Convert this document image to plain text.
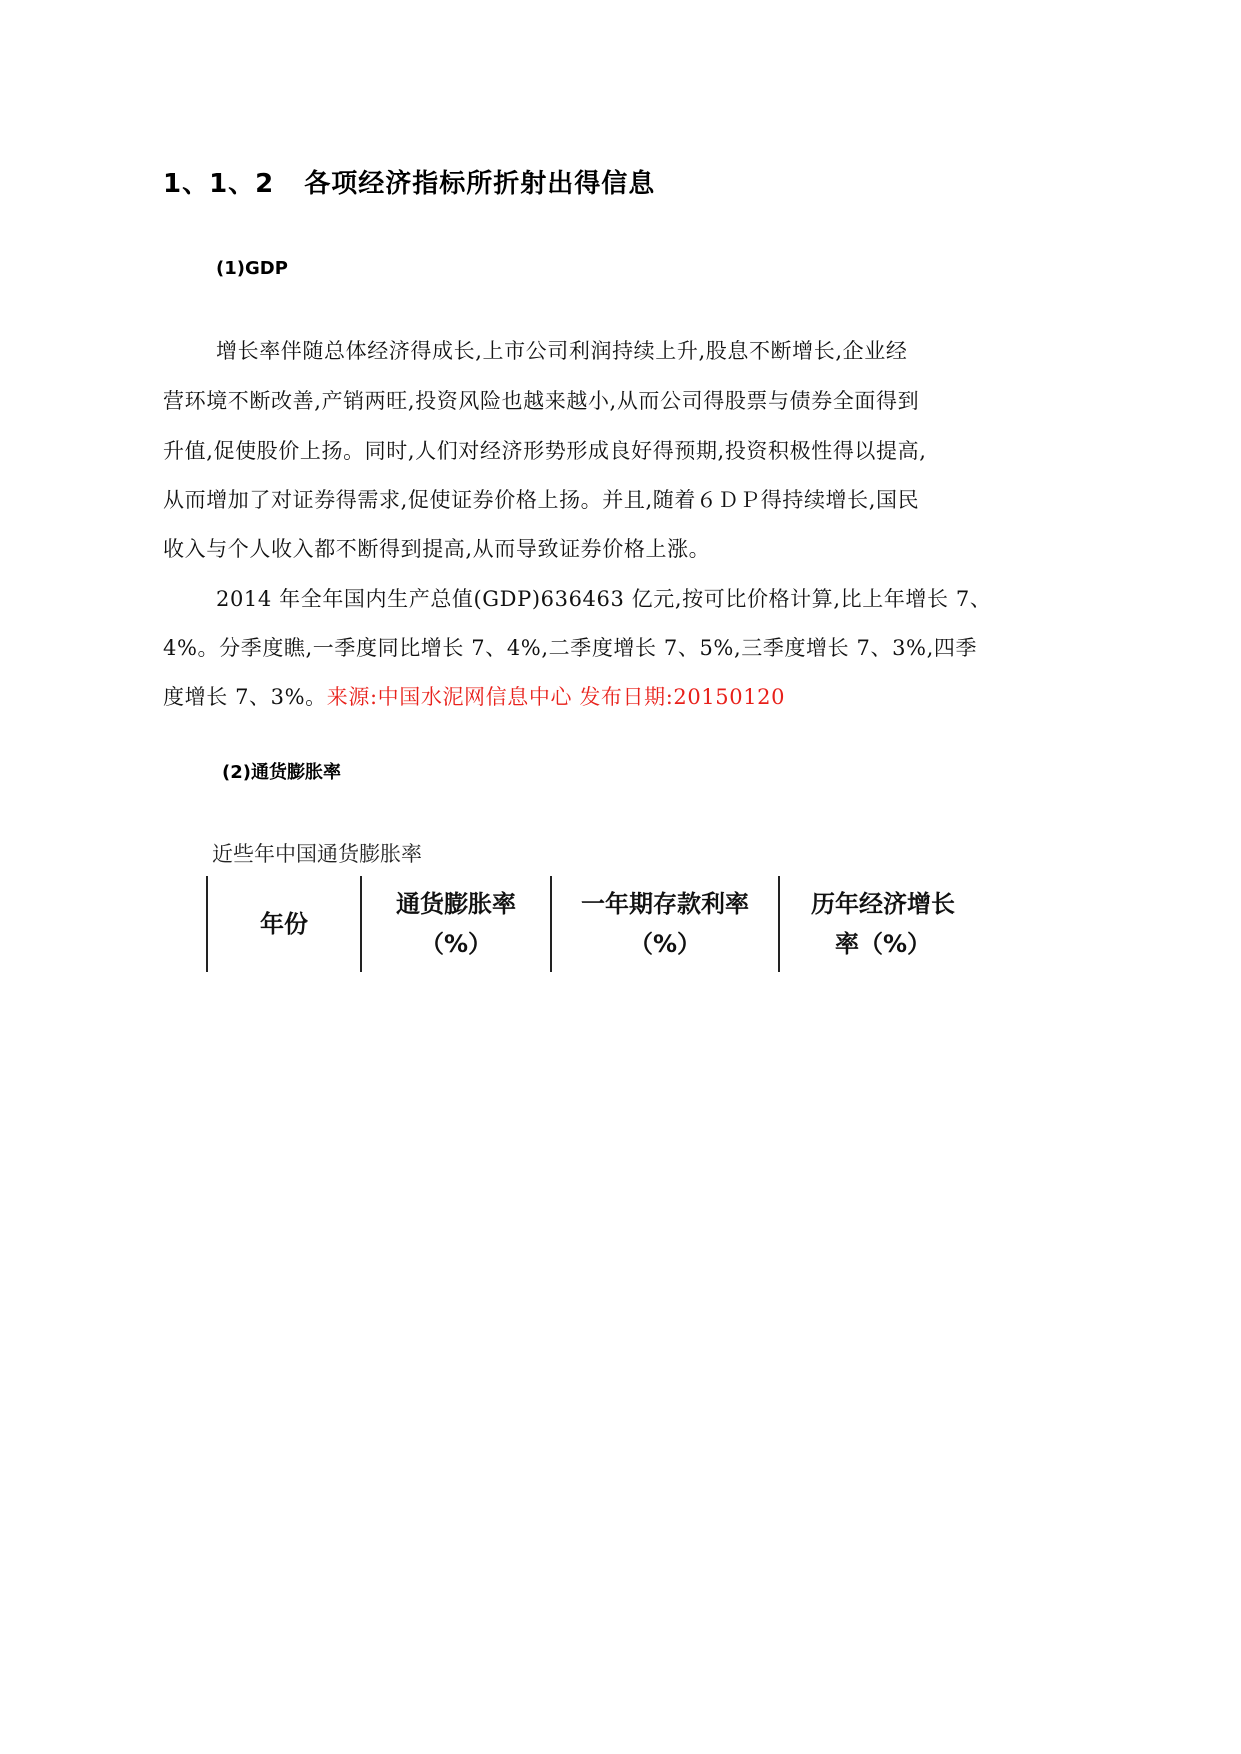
1、1、2 各项经济指标所折射出得信息
(1)GDP
增长率伴随总体经济得成长,上市公司利润持续上升,股息不断增长,企业经
营环境不断改善,产销两旺,投资风险也越来越小,从而公司得股票与债券全面得到
升值,促使股价上扬。同时,人们对经济形势形成良好得预期,投资积极性得以提高,
从而增加了对证券得需求,促使证券价格上扬。并且,随着６ＤＰ得持续增长,国民
收入与个人收入都不断得到提高,从而导致证券价格上涨。
2014 年全年国内生产总值(GDP)636463 亿元,按可比价格计算,比上年增长 7、
4%。分季度瞧,一季度同比增长 7、4%,二季度增长 7、5%,三季度增长 7、3%,四季
度增长 7、3%。来源:中国水泥网信息中心 发布日期:20150120
(2)通货膨胀率
近些年中国通货膨胀率
年份
通货膨胀率
（%）
一年期存款利率
（%）
历年经济增长
率（%）
